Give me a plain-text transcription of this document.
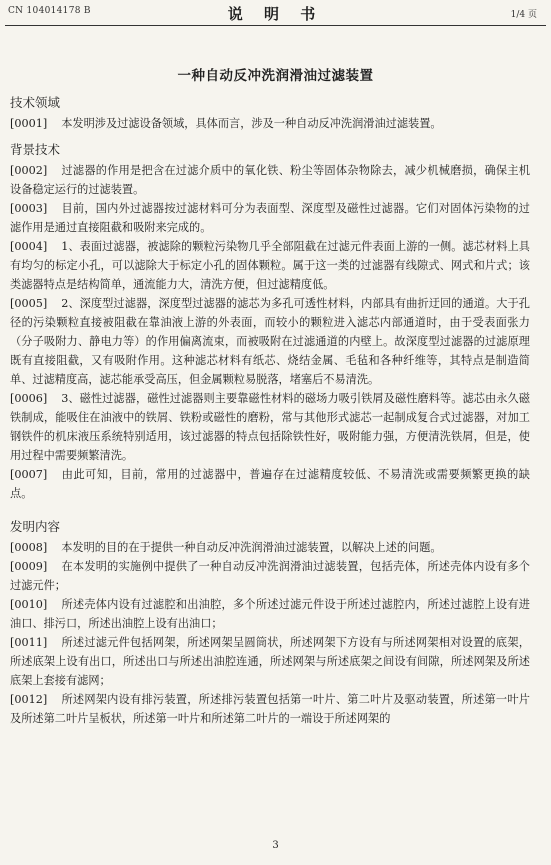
CN 104014178 B	说 明 书	1/4 页
一种自动反冲洗润滑油过滤装置
技术领域

[0001] 本发明涉及过滤设备领域，具体而言，涉及一种自动反冲洗润滑油过滤装置。

背景技术

[0002] 过滤器的作用是把含在过滤介质中的氧化铁、粉尘等固体杂物除去，减少机械磨损，确保主机设备稳定运行的过滤装置。

[0003] 目前，国内外过滤器按过滤材料可分为表面型、深度型及磁性过滤器。它们对固体污染物的过滤作用是通过直接阻截和吸附来完成的。

[0004] 1、表面过滤器，被滤除的颗粒污染物几乎全部阻截在过滤元件表面上游的一侧。滤芯材料上具有均匀的标定小孔，可以滤除大于标定小孔的固体颗粒。属于这一类的过滤器有线隙式、网式和片式；该类滤器特点是结构简单，通流能力大，清洗方便，但过滤精度低。

[0005] 2、深度型过滤器，深度型过滤器的滤芯为多孔可透性材料，内部具有曲折迂回的通道。大于孔径的污染颗粒直接被阻截在靠油液上游的外表面，而较小的颗粒进入滤芯内部通道时，由于受表面张力（分子吸附力、静电力等）的作用偏离流束，而被吸附在过滤通道的内壁上。故深度型过滤器的过滤原理既有直接阻截，又有吸附作用。这种滤芯材料有纸芯、烧结金属、毛毡和各种纤维等，其特点是制造简单、过滤精度高，滤芯能承受高压，但金属颗粒易脱落，堵塞后不易清洗。

[0006] 3、磁性过滤器，磁性过滤器则主要靠磁性材料的磁场力吸引铁屑及磁性磨料等。滤芯由永久磁铁制成，能吸住在油液中的铁屑、铁粉或磁性的磨粉，常与其他形式滤芯一起制成复合式过滤器，对加工钢铁件的机床液压系统特别适用，该过滤器的特点包括除铁性好，吸附能力强，方便清洗铁屑，但是，使用过程中需要频繁清洗。

[0007] 由此可知，目前，常用的过滤器中，普遍存在过滤精度较低、不易清洗或需要频繁更换的缺点。

发明内容

[0008] 本发明的目的在于提供一种自动反冲洗润滑油过滤装置，以解决上述的问题。

[0009] 在本发明的实施例中提供了一种自动反冲洗润滑油过滤装置，包括壳体，所述壳体内设有多个过滤元件；

[0010] 所述壳体内设有过滤腔和出油腔，多个所述过滤元件设于所述过滤腔内，所述过滤腔上设有进油口、排污口，所述出油腔上设有出油口；

[0011] 所述过滤元件包括网架，所述网架呈圆筒状，所述网架下方设有与所述网架相对设置的底架，所述底架上设有出口，所述出口与所述出油腔连通，所述网架与所述底架之间设有间隙，所述网架及所述底架上套接有滤网；

[0012] 所述网架内设有排污装置，所述排污装置包括第一叶片、第二叶片及驱动装置，所述第一叶片及所述第二叶片呈板状，所述第一叶片和所述第二叶片的一端设于所述网架的

3
